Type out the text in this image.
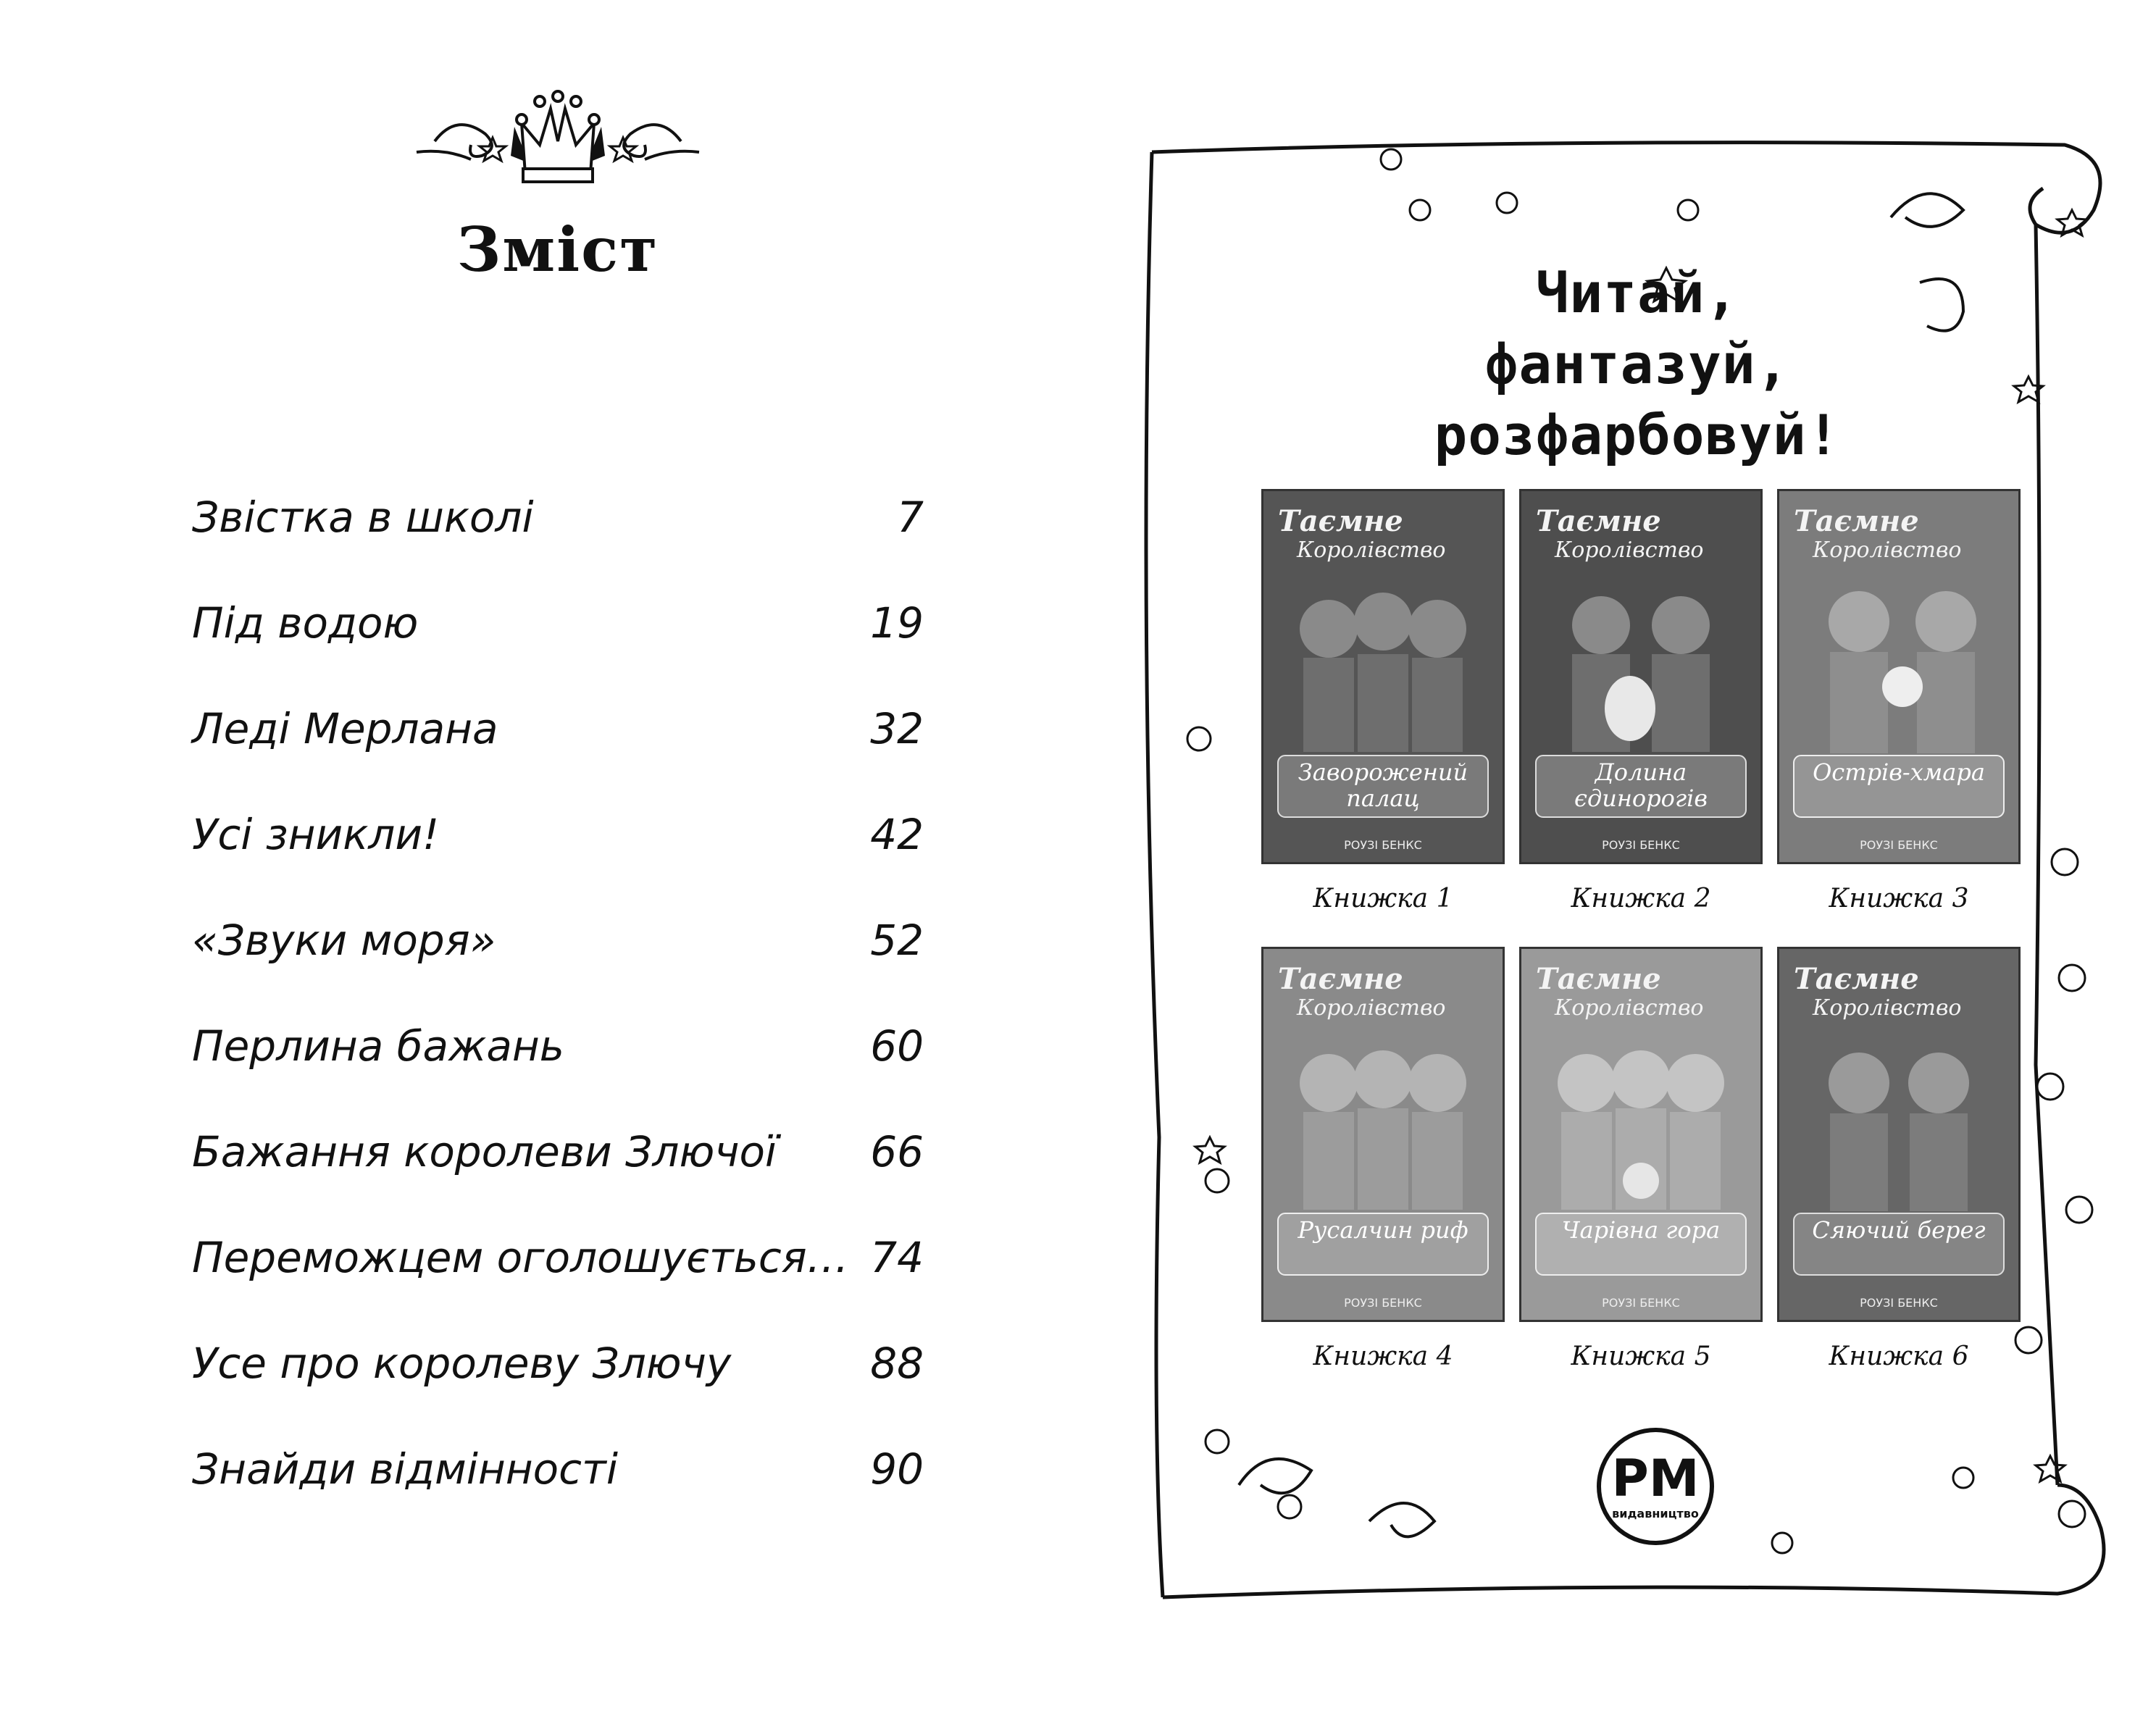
Зміст
Звістка в школі	7
Під водою	19
Леді Мерлана	32
Усі зникли!	42
«Звуки моря»	52
Перлина бажань	60
Бажання королеви Злючої 66
Переможцем оголошується… 74
Усе про королеву Злючу	88
Знайди відмінності	90
Читай,
фантазуй,
розфарбовуй!
Таємне
Королівство
Заворожений палац
РОУЗІ БЕНКС
Таємне
Королівство
Долина єдинорогів
РОУЗІ БЕНКС
Таємне
Королівство
Острів-хмара
РОУЗІ БЕНКС
Книжка 1	Книжка 2	Книжка 3
Таємне
Королівство
Русалчин риф
РОУЗІ БЕНКС
Таємне
Королівство
Чарівна гора
РОУЗІ БЕНКС
Таємне
Королівство
Сяючий берег
РОУЗІ БЕНКС
Книжка 4	Книжка 5	Книжка 6
РМ
видавництво
